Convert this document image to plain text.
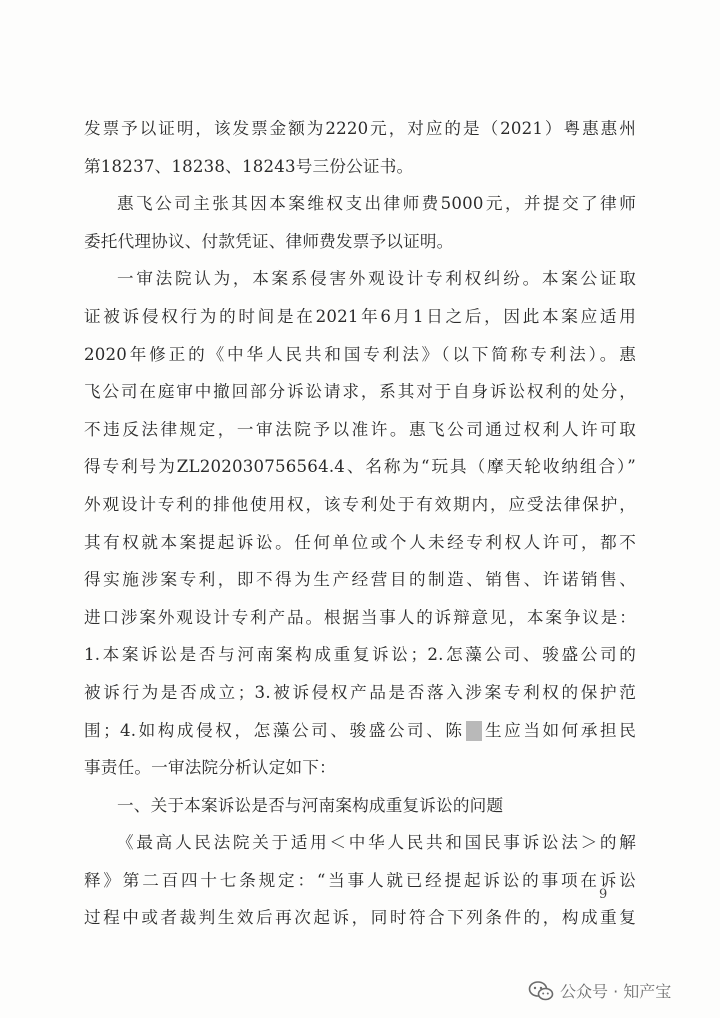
发票予以证明，该发票金额为2220元，对应的是（2021）粤惠惠州
第18237、18238、18243号三份公证书。
惠飞公司主张其因本案维权支出律师费5000元，并提交了律师
委托代理协议、付款凭证、律师费发票予以证明。
一审法院认为，本案系侵害外观设计专利权纠纷。本案公证取
证被诉侵权行为的时间是在2021年6月1日之后，因此本案应适用
2020年修正的《中华人民共和国专利法》（以下简称专利法）。惠
飞公司在庭审中撤回部分诉讼请求，系其对于自身诉讼权利的处分，
不违反法律规定，一审法院予以准许。惠飞公司通过权利人许可取
得专利号为ZL202030756564.4、名称为“玩具（摩天轮收纳组合）”
外观设计专利的排他使用权，该专利处于有效期内，应受法律保护，
其有权就本案提起诉讼。任何单位或个人未经专利权人许可，都不
得实施涉案专利，即不得为生产经营目的制造、销售、许诺销售、
进口涉案外观设计专利产品。根据当事人的诉辩意见，本案争议是：
1.本案诉讼是否与河南案构成重复诉讼；2.怎藻公司、骏盛公司的
被诉行为是否成立；3.被诉侵权产品是否落入涉案专利权的保护范
围；4.如构成侵权，怎藻公司、骏盛公司、陈 生应当如何承担民
事责任。一审法院分析认定如下：
一、关于本案诉讼是否与河南案构成重复诉讼的问题
《最高人民法院关于适用＜中华人民共和国民事诉讼法＞的解
释》第二百四十七条规定：“当事人就已经提起诉讼的事项在诉讼
过程中或者裁判生效后再次起诉，同时符合下列条件的，构成重复
9
公众号 · 知产宝
